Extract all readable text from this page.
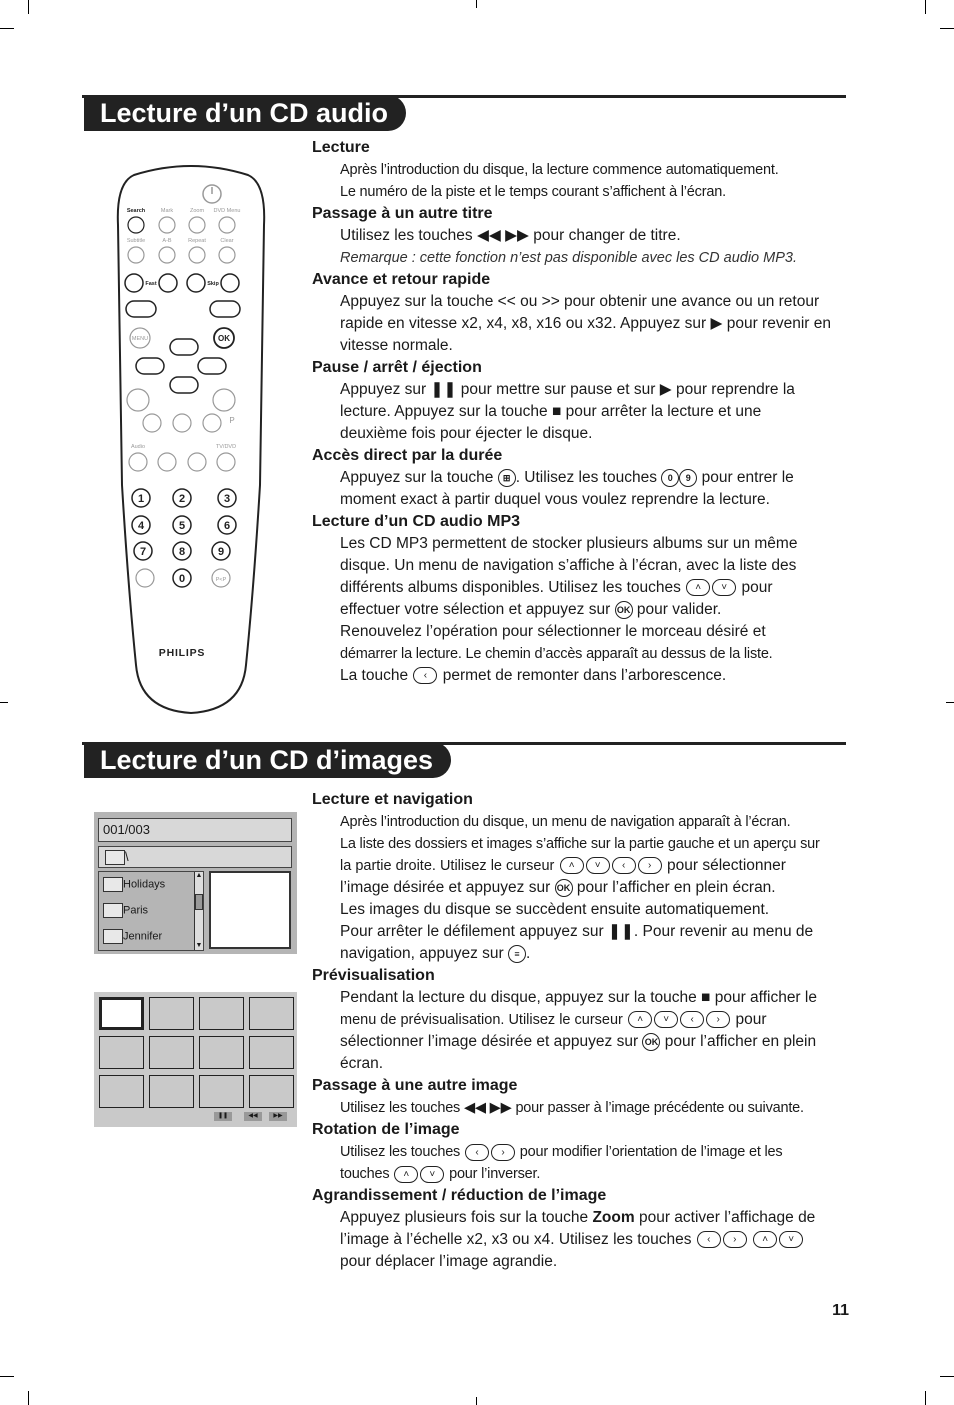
Lecture d’un CD audio
Lecture d’un CD d’images
Search	Mark	Zoom DVD Menu
Subtitle	A-B	Repeat	Clear
Fast	Skip
MENU	OK
Audio	TV/DVD
P
P<P
1	2	3
4	5	6
7	8	9
0
PHILIPS
Lecture
Après l’introduction du disque, la lecture commence automatiquement.
Le numéro de la piste et le temps courant s’affichent à l’écran.
Passage à un autre titre
Utilisez les touches ◀◀ ▶▶ pour changer de titre.
Remarque : cette fonction n’est pas disponible avec les CD audio MP3.
Avance et retour rapide
Appuyez sur la touche << ou >> pour obtenir une avance ou un retour
rapide en vitesse x2, x4, x8, x16 ou x32. Appuyez sur ▶ pour revenir en
vitesse normale.
Pause / arrêt / éjection
Appuyez sur ❚❚ pour mettre sur pause et sur ▶ pour reprendre la
lecture. Appuyez sur la touche ■ pour arrêter la lecture et une
deuxième fois pour éjecter le disque.
Accès direct par la durée
Appuyez sur la touche ⊞ . Utilisez les touches 0 9 pour entrer le
moment exact à partir duquel vous voulez reprendre la lecture.
Lecture d’un CD audio MP3
Les CD MP3 permettent de stocker plusieurs albums sur un même
disque. Un menu de navigation s’affiche à l’écran, avec la liste des
différents albums disponibles. Utilisez les touches ˄ ˅ pour
effectuer votre sélection et appuyez sur OK pour valider.
Renouvelez l’opération pour sélectionner le morceau désiré et
démarrer la lecture. Le chemin d’accès apparaît au dessus de la liste.
La touche ‹ permet de remonter dans l’arborescence.
001/003
\
Holidays
Paris
Jennifer
▲
▼
❚❚	◀◀	▶▶
Lecture et navigation
Après l’introduction du disque, un menu de navigation apparaît à l’écran.
La liste des dossiers et images s’affiche sur la partie gauche et un aperçu sur
la partie droite. Utilisez le curseur ˄ ˅ ‹ › pour sélectionner
l’image désirée et appuyez sur OK pour l’afficher en plein écran.
Les images du disque se succèdent ensuite automatiquement.
Pour arrêter le défilement appuyez sur ❚❚. Pour revenir au menu de
navigation, appuyez sur ≡ .
Prévisualisation
Pendant la lecture du disque, appuyez sur la touche ■ pour afficher le
menu de prévisualisation. Utilisez le curseur ˄ ˅ ‹ › pour
sélectionner l’image désirée et appuyez sur OK pour l’afficher en plein
écran.
Passage à une autre image
Utilisez les touches ◀◀ ▶▶ pour passer à l’image précédente ou suivante.
Rotation de l’image
Utilisez les touches ‹ › pour modifier l’orientation de l’image et les
touches ˄ ˅ pour l’inverser.
Agrandissement / réduction de l’image
Appuyez plusieurs fois sur la touche Zoom pour activer l’affichage de
l’image à l’échelle x2, x3 ou x4. Utilisez les touches ‹ ›	˄ ˅
pour déplacer l’image agrandie.
11
